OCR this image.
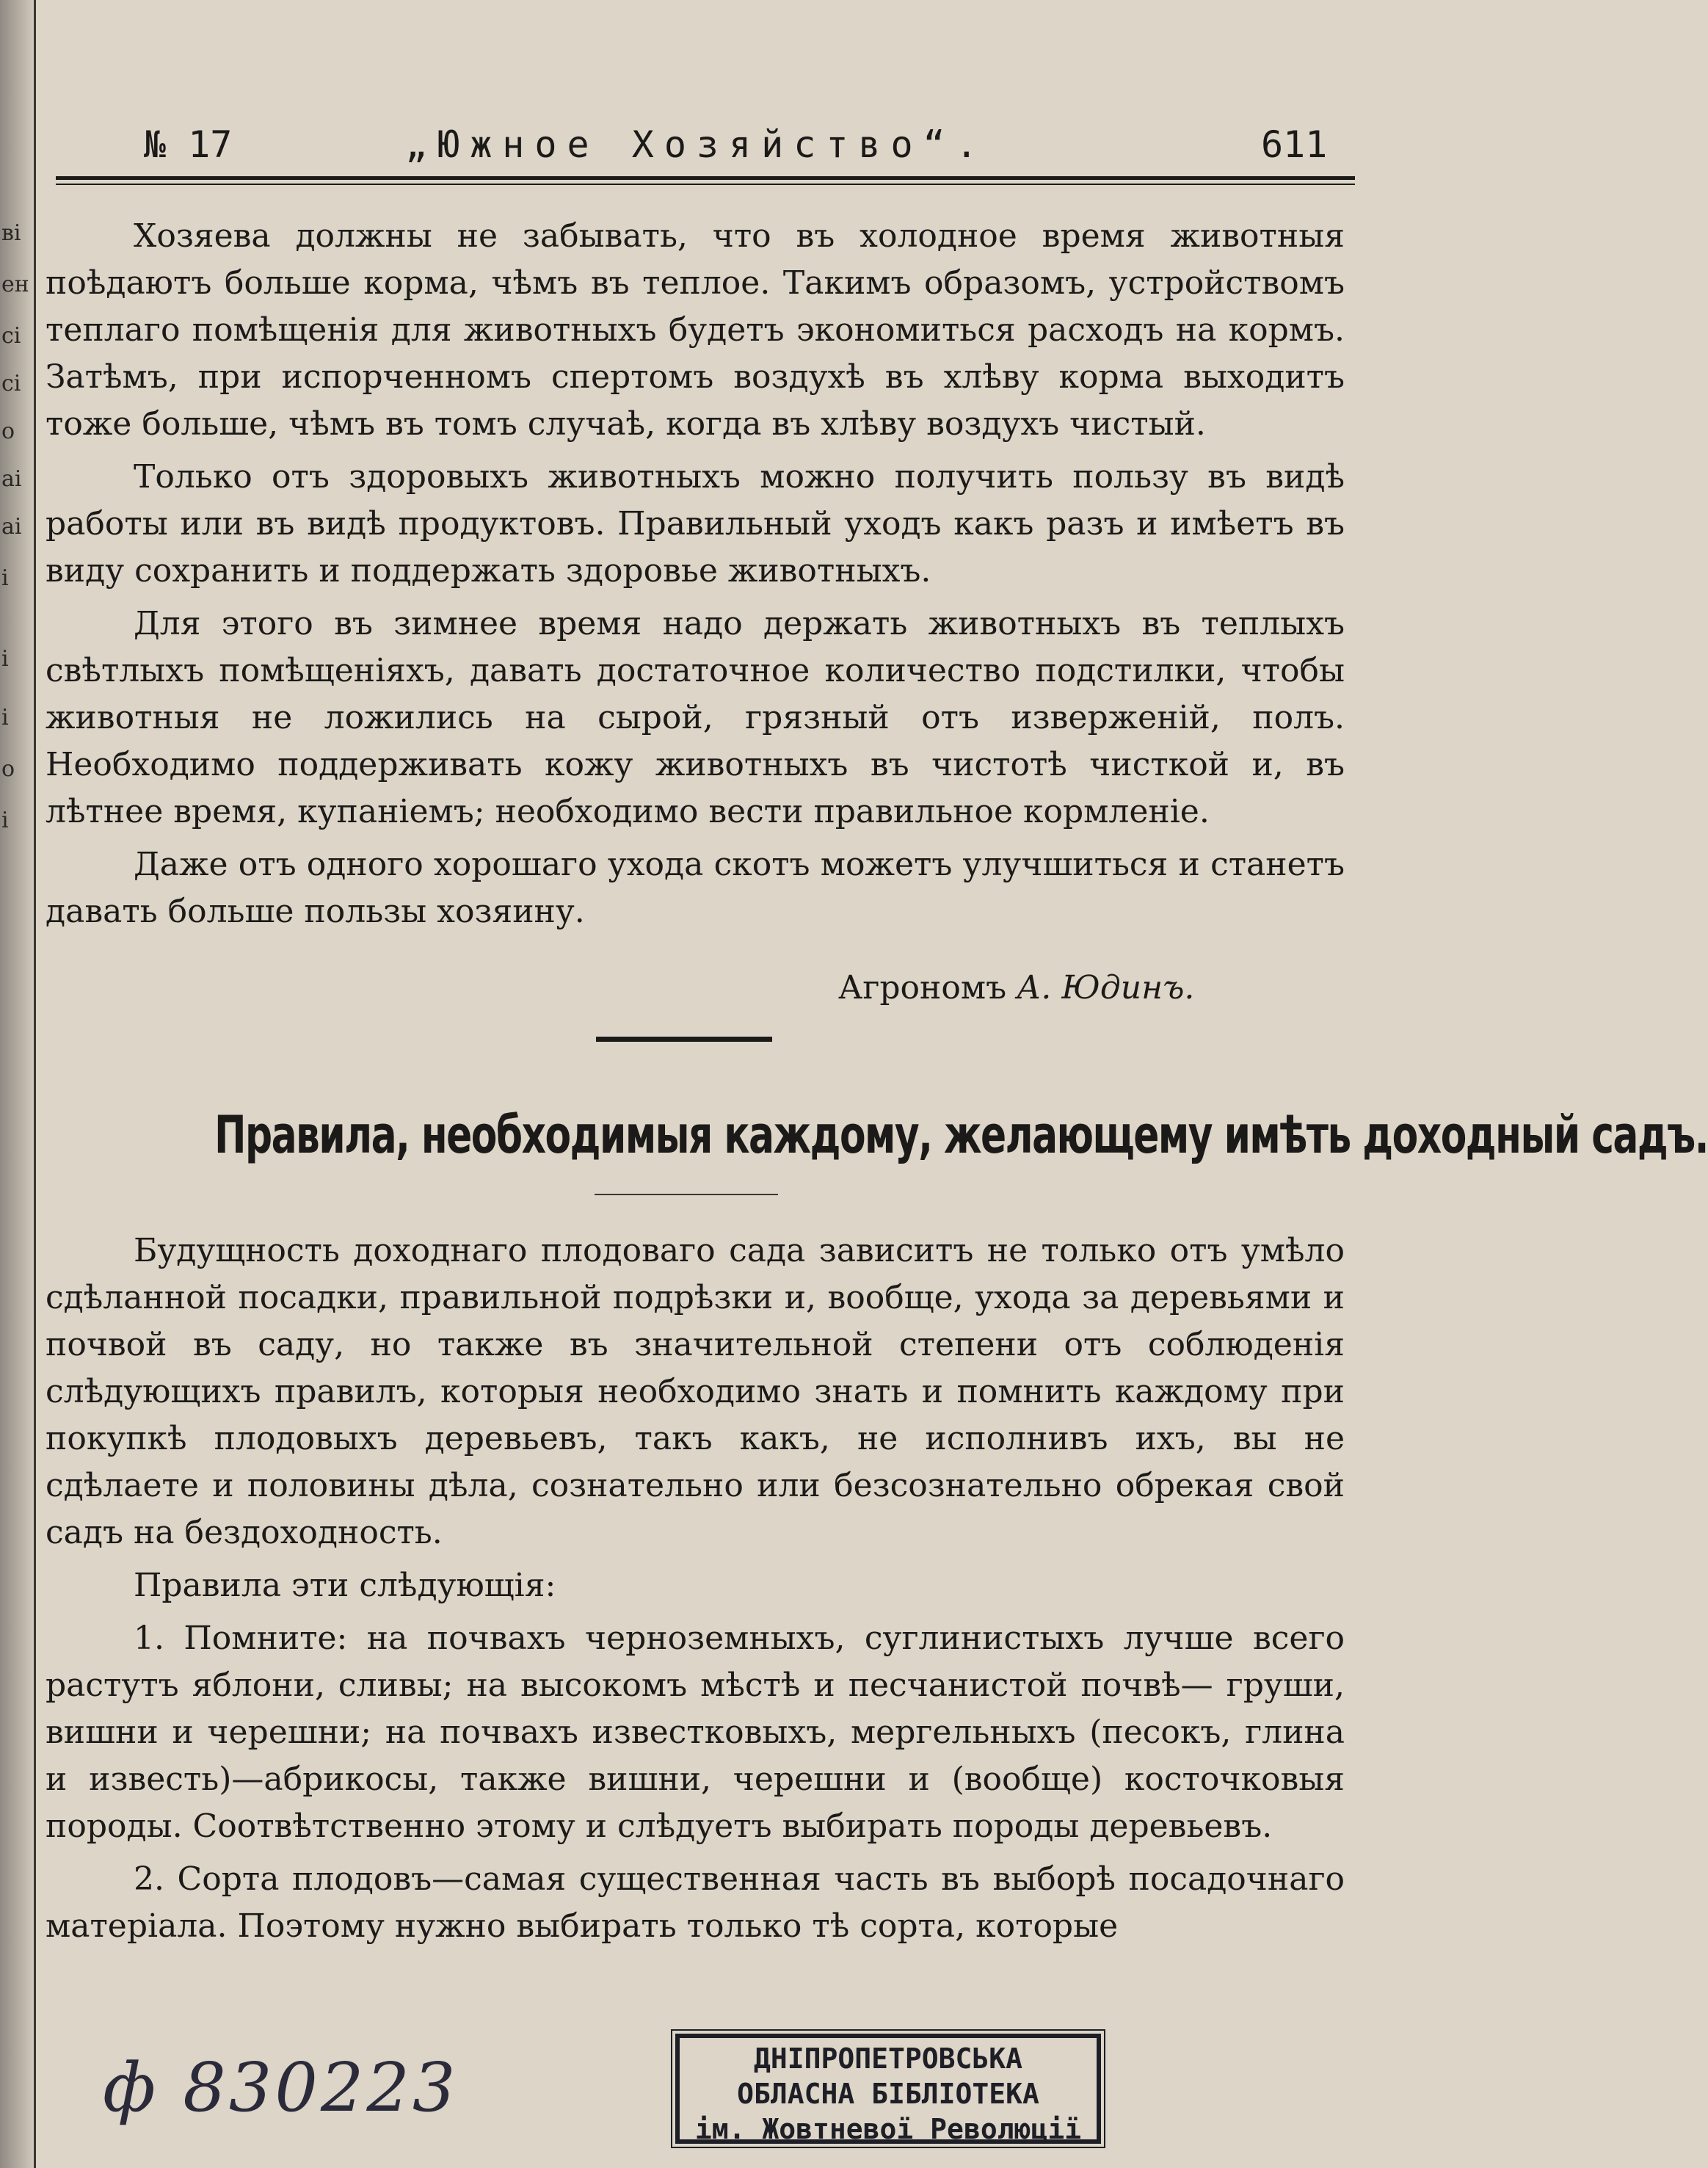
ві
ен
сі
сі
о
аі
аі
і
і
і
о
і
№ 17	„Южное Хозяйство“.	611

Хозяева должны не забывать, что въ холодное время животныя поѣдаютъ больше корма, чѣмъ въ теплое. Такимъ образомъ, устройствомъ теплаго помѣщенія для животныхъ будетъ экономиться расходъ на кормъ. Затѣмъ, при испорченномъ спертомъ воздухѣ въ хлѣву корма выходитъ тоже больше, чѣмъ въ томъ случаѣ, когда въ хлѣву воздухъ чистый.

Только отъ здоровыхъ животныхъ можно получить пользу въ видѣ работы или въ видѣ продуктовъ. Правильный уходъ какъ разъ и имѣетъ въ виду сохранить и поддержать здоровье животныхъ.

Для этого въ зимнее время надо держать животныхъ въ теплыхъ свѣтлыхъ помѣщеніяхъ, давать достаточное количество подстилки, чтобы животныя не ложились на сырой, грязный отъ изверженій, полъ. Необходимо поддерживать кожу животныхъ въ чистотѣ чисткой и, въ лѣтнее время, купаніемъ; необходимо вести правильное кормленіе.

Даже отъ одного хорошаго ухода скотъ можетъ улучшиться и станетъ давать больше пользы хозяину.

Агрономъ А. Юдинъ.
Правила, необходимыя каждому, желающему имѣть доходный садъ.

Будущность доходнаго плодоваго сада зависитъ не только отъ умѣло сдѣланной посадки, правильной подрѣзки и, вообще, ухода за деревьями и почвой въ саду, но также въ значительной степени отъ соблюденія слѣдующихъ правилъ, которыя необходимо знать и помнить каждому при покупкѣ плодовыхъ деревьевъ, такъ какъ, не исполнивъ ихъ, вы не сдѣлаете и половины дѣла, сознательно или безсознательно обрекая свой садъ на бездоходность.

Правила эти слѣдующія:

1. Помните: на почвахъ черноземныхъ, суглинистыхъ лучше всего растутъ яблони, сливы; на высокомъ мѣстѣ и песчанистой почвѣ— груши, вишни и черешни; на почвахъ известковыхъ, мергельныхъ (песокъ, глина и известь)—абрикосы, также вишни, черешни и (вообще) косточковыя породы. Соотвѣтственно этому и слѣдуетъ выбирать породы деревьевъ.

2. Сорта плодовъ—самая существенная часть въ выборѣ посадочнаго матеріала. Поэтому нужно выбирать только тѣ сорта, которые

ф 830223	ДНІПРОПЕТРОВСЬКА
ОБЛАСНА БІБЛІОТЕКА
ім. Жовтневої Революції
